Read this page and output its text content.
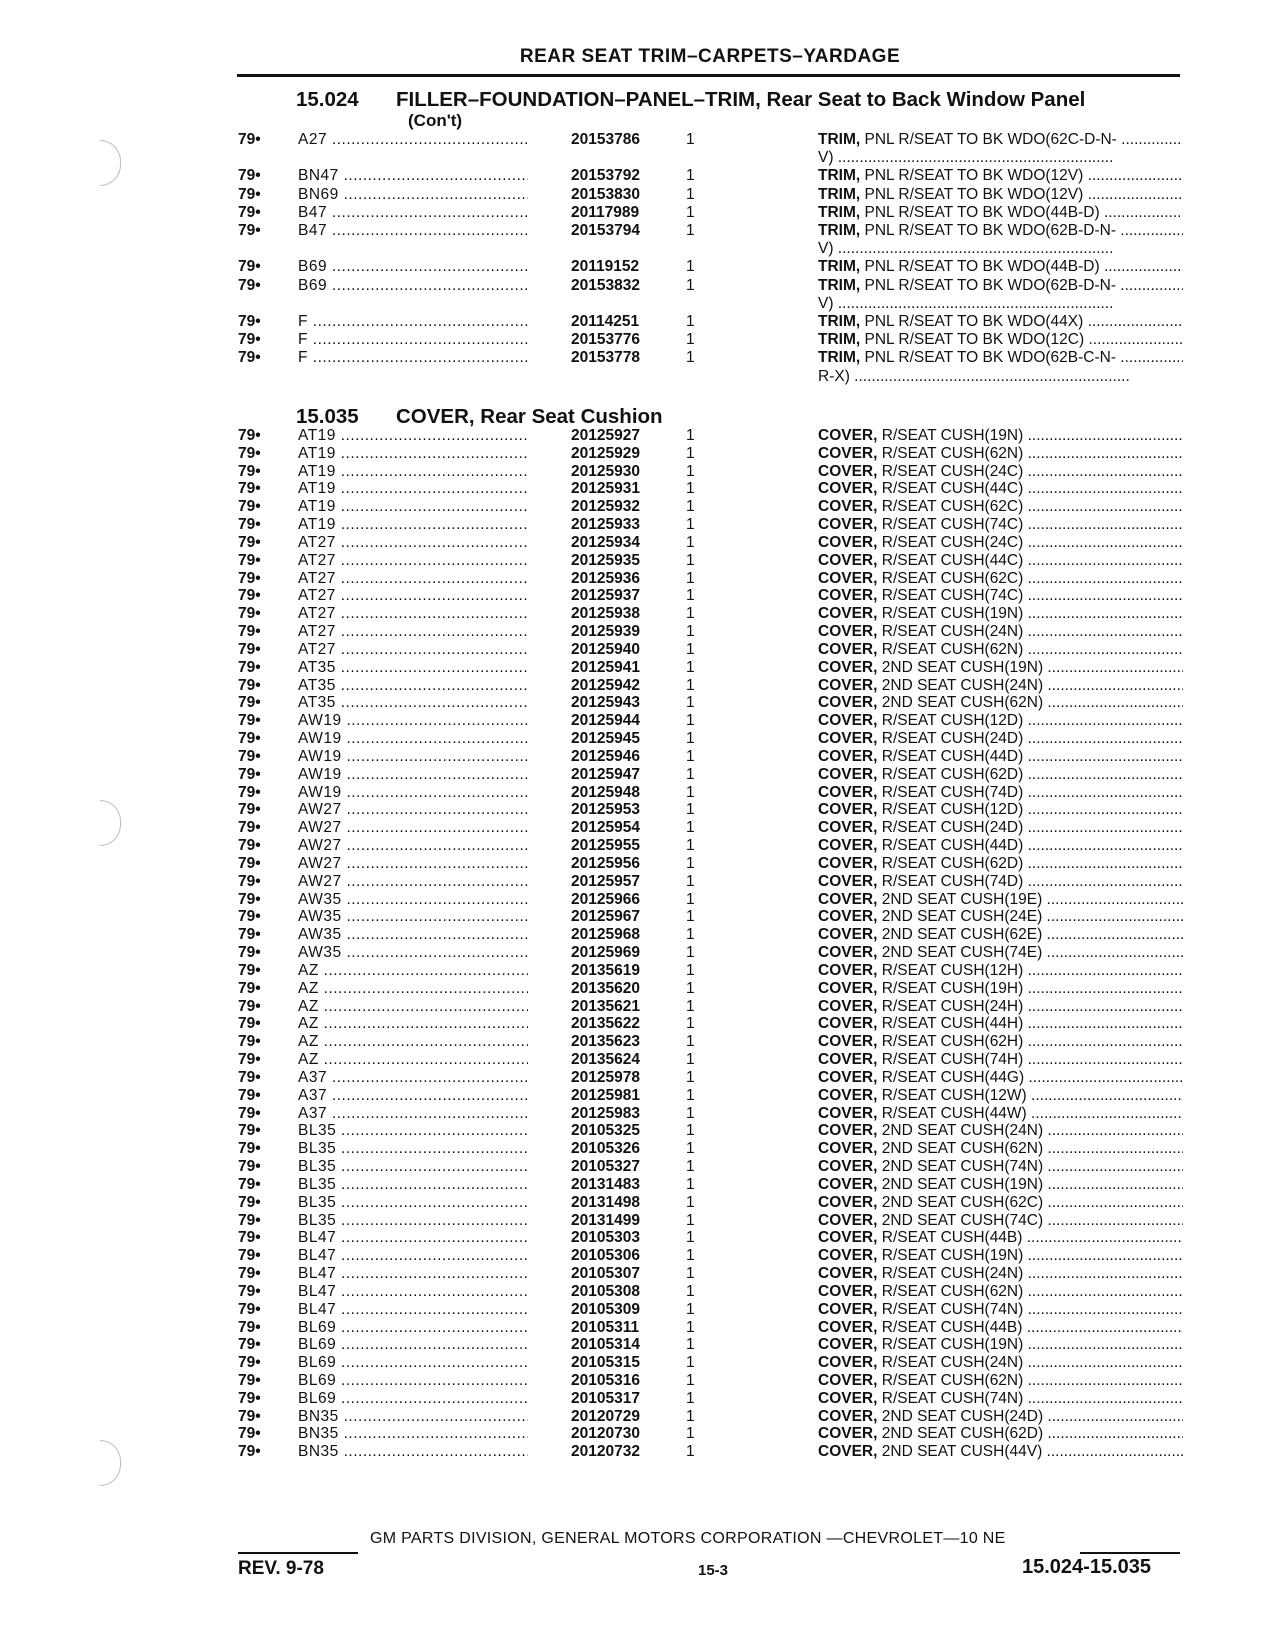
REAR SEAT TRIM–CARPETS–YARDAGE
15.024 FILLER–FOUNDATION–PANEL–TRIM, Rear Seat to Back Window Panel
(Con't)
79•	A27 .....	20153786	1	TRIM, PNL R/SEAT TO BK WDO(62C-D-N- .....
V) .....
79•	BN47 .....	20153792	1	TRIM, PNL R/SEAT TO BK WDO(12V) .....
79•	BN69 .....	20153830	1	TRIM, PNL R/SEAT TO BK WDO(12V) .....
79•	B47 .....	20117989	1	TRIM, PNL R/SEAT TO BK WDO(44B-D) .....
79•	B47 .....	20153794	1	TRIM, PNL R/SEAT TO BK WDO(62B-D-N- .....
V) .....
79•	B69 .....	20119152	1	TRIM, PNL R/SEAT TO BK WDO(44B-D) .....
79•	B69 .....	20153832	1	TRIM, PNL R/SEAT TO BK WDO(62B-D-N- .....
V) .....
79•	F .....	20114251	1	TRIM, PNL R/SEAT TO BK WDO(44X) .....
79•	F .....	20153776	1	TRIM, PNL R/SEAT TO BK WDO(12C) .....
79•	F .....	20153778	1	TRIM, PNL R/SEAT TO BK WDO(62B-C-N- .....
R-X) .....
15.035 COVER, Rear Seat Cushion
79•	AT19 .....	20125927	1	COVER, R/SEAT CUSH(19N) .....
79•	AT19 .....	20125929	1	COVER, R/SEAT CUSH(62N) .....
79•	AT19 .....	20125930	1	COVER, R/SEAT CUSH(24C) .....
79•	AT19 .....	20125931	1	COVER, R/SEAT CUSH(44C) .....
79•	AT19 .....	20125932	1	COVER, R/SEAT CUSH(62C) .....
79•	AT19 .....	20125933	1	COVER, R/SEAT CUSH(74C) .....
79•	AT27 .....	20125934	1	COVER, R/SEAT CUSH(24C) .....
79•	AT27 .....	20125935	1	COVER, R/SEAT CUSH(44C) .....
79•	AT27 .....	20125936	1	COVER, R/SEAT CUSH(62C) .....
79•	AT27 .....	20125937	1	COVER, R/SEAT CUSH(74C) .....
79•	AT27 .....	20125938	1	COVER, R/SEAT CUSH(19N) .....
79•	AT27 .....	20125939	1	COVER, R/SEAT CUSH(24N) .....
79•	AT27 .....	20125940	1	COVER, R/SEAT CUSH(62N) .....
79•	AT35 .....	20125941	1	COVER, 2ND SEAT CUSH(19N) .....
79•	AT35 .....	20125942	1	COVER, 2ND SEAT CUSH(24N) .....
79•	AT35 .....	20125943	1	COVER, 2ND SEAT CUSH(62N) .....
79•	AW19 .....	20125944	1	COVER, R/SEAT CUSH(12D) .....
79•	AW19 .....	20125945	1	COVER, R/SEAT CUSH(24D) .....
79•	AW19 .....	20125946	1	COVER, R/SEAT CUSH(44D) .....
79•	AW19 .....	20125947	1	COVER, R/SEAT CUSH(62D) .....
79•	AW19 .....	20125948	1	COVER, R/SEAT CUSH(74D) .....
79•	AW27 .....	20125953	1	COVER, R/SEAT CUSH(12D) .....
79•	AW27 .....	20125954	1	COVER, R/SEAT CUSH(24D) .....
79•	AW27 .....	20125955	1	COVER, R/SEAT CUSH(44D) .....
79•	AW27 .....	20125956	1	COVER, R/SEAT CUSH(62D) .....
79•	AW27 .....	20125957	1	COVER, R/SEAT CUSH(74D) .....
79•	AW35 .....	20125966	1	COVER, 2ND SEAT CUSH(19E) .....
79•	AW35 .....	20125967	1	COVER, 2ND SEAT CUSH(24E) .....
79•	AW35 .....	20125968	1	COVER, 2ND SEAT CUSH(62E) .....
79•	AW35 .....	20125969	1	COVER, 2ND SEAT CUSH(74E) .....
79•	AZ .....	20135619	1	COVER, R/SEAT CUSH(12H) .....
79•	AZ .....	20135620	1	COVER, R/SEAT CUSH(19H) .....
79•	AZ .....	20135621	1	COVER, R/SEAT CUSH(24H) .....
79•	AZ .....	20135622	1	COVER, R/SEAT CUSH(44H) .....
79•	AZ .....	20135623	1	COVER, R/SEAT CUSH(62H) .....
79•	AZ .....	20135624	1	COVER, R/SEAT CUSH(74H) .....
79•	A37 .....	20125978	1	COVER, R/SEAT CUSH(44G) .....
79•	A37 .....	20125981	1	COVER, R/SEAT CUSH(12W) .....
79•	A37 .....	20125983	1	COVER, R/SEAT CUSH(44W) .....
79•	BL35 .....	20105325	1	COVER, 2ND SEAT CUSH(24N) .....
79•	BL35 .....	20105326	1	COVER, 2ND SEAT CUSH(62N) .....
79•	BL35 .....	20105327	1	COVER, 2ND SEAT CUSH(74N) .....
79•	BL35 .....	20131483	1	COVER, 2ND SEAT CUSH(19N) .....
79•	BL35 .....	20131498	1	COVER, 2ND SEAT CUSH(62C) .....
79•	BL35 .....	20131499	1	COVER, 2ND SEAT CUSH(74C) .....
79•	BL47 .....	20105303	1	COVER, R/SEAT CUSH(44B) .....
79•	BL47 .....	20105306	1	COVER, R/SEAT CUSH(19N) .....
79•	BL47 .....	20105307	1	COVER, R/SEAT CUSH(24N) .....
79•	BL47 .....	20105308	1	COVER, R/SEAT CUSH(62N) .....
79•	BL47 .....	20105309	1	COVER, R/SEAT CUSH(74N) .....
79•	BL69 .....	20105311	1	COVER, R/SEAT CUSH(44B) .....
79•	BL69 .....	20105314	1	COVER, R/SEAT CUSH(19N) .....
79•	BL69 .....	20105315	1	COVER, R/SEAT CUSH(24N) .....
79•	BL69 .....	20105316	1	COVER, R/SEAT CUSH(62N) .....
79•	BL69 .....	20105317	1	COVER, R/SEAT CUSH(74N) .....
79•	BN35 .....	20120729	1	COVER, 2ND SEAT CUSH(24D) .....
79•	BN35 .....	20120730	1	COVER, 2ND SEAT CUSH(62D) .....
79•	BN35 .....	20120732	1	COVER, 2ND SEAT CUSH(44V) .....
GM PARTS DIVISION, GENERAL MOTORS CORPORATION —CHEVROLET—10 NE
REV. 9-78	15-3	15.024-15.035
